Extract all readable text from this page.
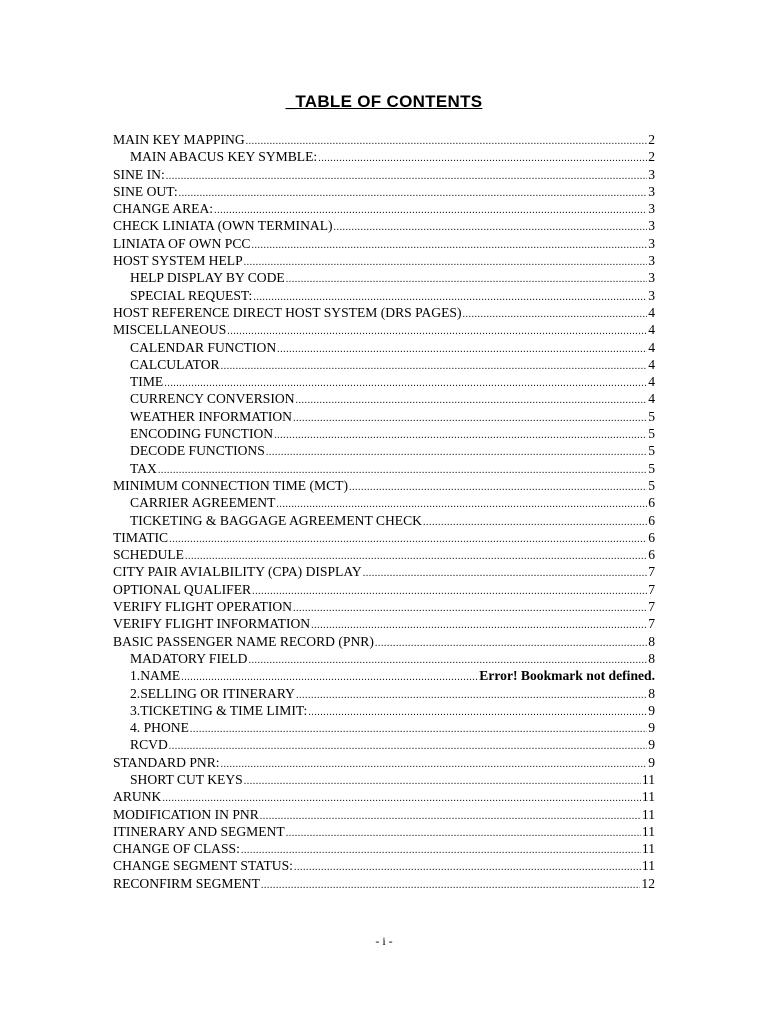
_TABLE OF CONTENTS
MAIN KEY MAPPING .....	2
MAIN ABACUS KEY SYMBLE: .....	2
SINE IN: .....	3
SINE OUT: .....	3
CHANGE AREA: .....	3
CHECK LINIATA (OWN TERMINAL) .....	3
LINIATA OF OWN PCC .....	3
HOST SYSTEM HELP .....	3
HELP DISPLAY BY CODE .....	3
SPECIAL REQUEST: .....	3
HOST REFERENCE DIRECT HOST SYSTEM (DRS PAGES) .....	4
MISCELLANEOUS .....	4
CALENDAR FUNCTION .....	4
CALCULATOR .....	4
TIME .....	4
CURRENCY CONVERSION .....	4
WEATHER INFORMATION .....	5
ENCODING FUNCTION .....	5
DECODE FUNCTIONS .....	5
TAX .....	5
MINIMUM CONNECTION TIME (MCT) .....	5
CARRIER AGREEMENT .....	6
TICKETING & BAGGAGE AGREEMENT CHECK .....	6
TIMATIC .....	6
SCHEDULE .....	6
CITY PAIR AVIALBILITY (CPA) DISPLAY .....	7
OPTIONAL QUALIFER .....	7
VERIFY FLIGHT OPERATION .....	7
VERIFY FLIGHT INFORMATION .....	7
BASIC PASSENGER NAME RECORD (PNR) .....	8
MADATORY FIELD .....	8
1.NAME .....	Error! Bookmark not defined.
2.SELLING OR ITINERARY .....	8
3.TICKETING & TIME LIMIT: .....	9
4. PHONE .....	9
RCVD .....	9
STANDARD PNR: .....	9
SHORT CUT KEYS .....	11
ARUNK .....	11
MODIFICATION IN PNR .....	11
ITINERARY AND SEGMENT .....	11
CHANGE OF CLASS: .....	11
CHANGE SEGMENT STATUS: .....	11
RECONFIRM SEGMENT .....	12
- i -
